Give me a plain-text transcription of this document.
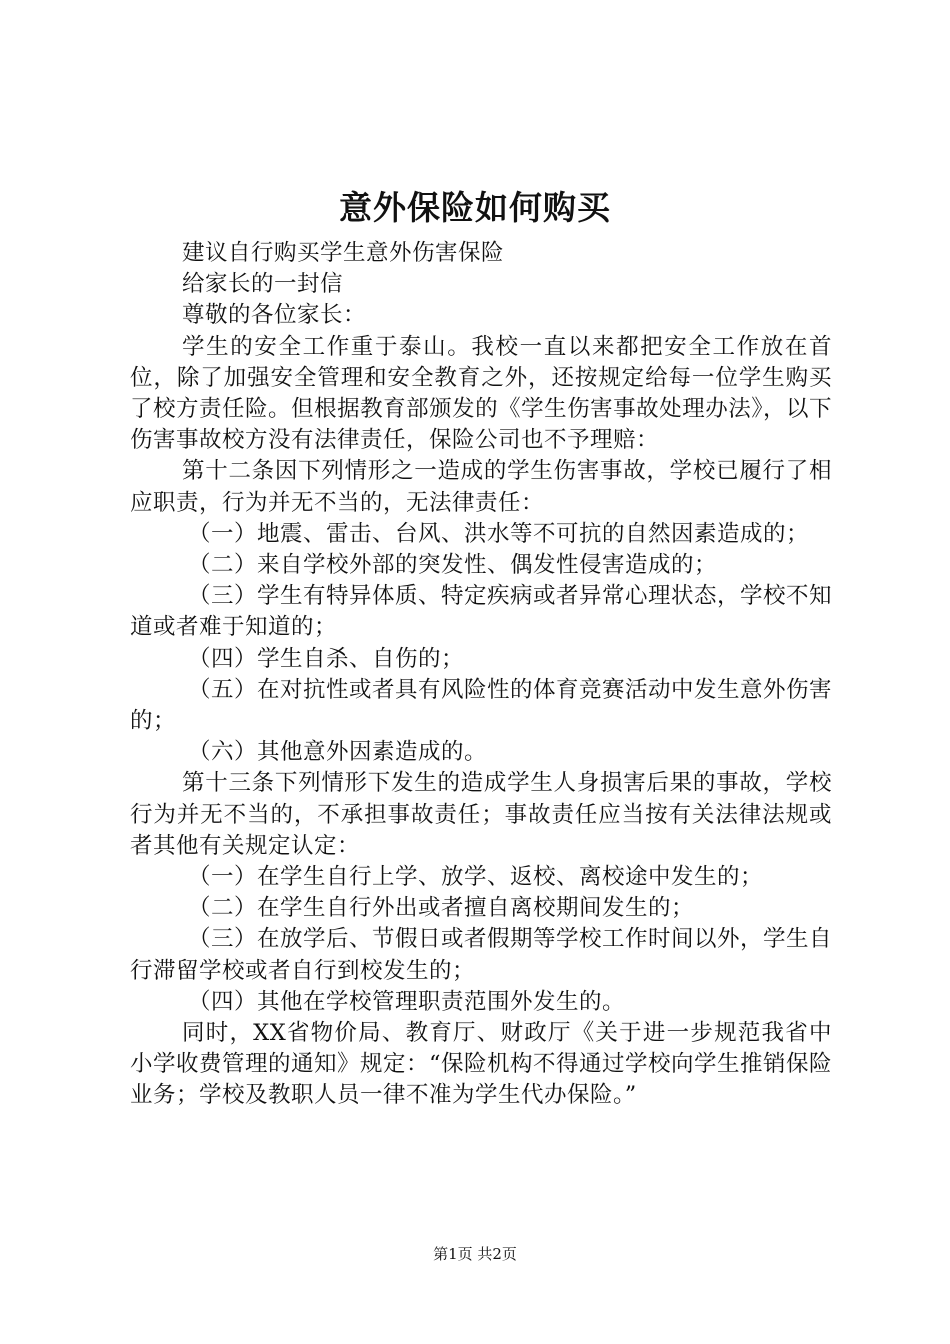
意外保险如何购买

建议自行购买学生意外伤害保险

给家长的一封信

尊敬的各位家长：

学生的安全工作重于泰山。我校一直以来都把安全工作放在首位，除了加强安全管理和安全教育之外，还按规定给每一位学生购买了校方责任险。但根据教育部颁发的《学生伤害事故处理办法》，以下伤害事故校方没有法律责任，保险公司也不予理赔：

第十二条因下列情形之一造成的学生伤害事故，学校已履行了相应职责，行为并无不当的，无法律责任：

（一）地震、雷击、台风、洪水等不可抗的自然因素造成的；

（二）来自学校外部的突发性、偶发性侵害造成的；

（三）学生有特异体质、特定疾病或者异常心理状态，学校不知道或者难于知道的；

（四）学生自杀、自伤的；

（五）在对抗性或者具有风险性的体育竞赛活动中发生意外伤害的；

（六）其他意外因素造成的。

第十三条下列情形下发生的造成学生人身损害后果的事故，学校行为并无不当的，不承担事故责任；事故责任应当按有关法律法规或者其他有关规定认定：

（一）在学生自行上学、放学、返校、离校途中发生的；

（二）在学生自行外出或者擅自离校期间发生的；

（三）在放学后、节假日或者假期等学校工作时间以外，学生自行滞留学校或者自行到校发生的；

（四）其他在学校管理职责范围外发生的。

同时，XX省物价局、教育厅、财政厅《关于进一步规范我省中小学收费管理的通知》规定：“保险机构不得通过学校向学生推销保险业务；学校及教职人员一律不准为学生代办保险。”

第1页 共2页
